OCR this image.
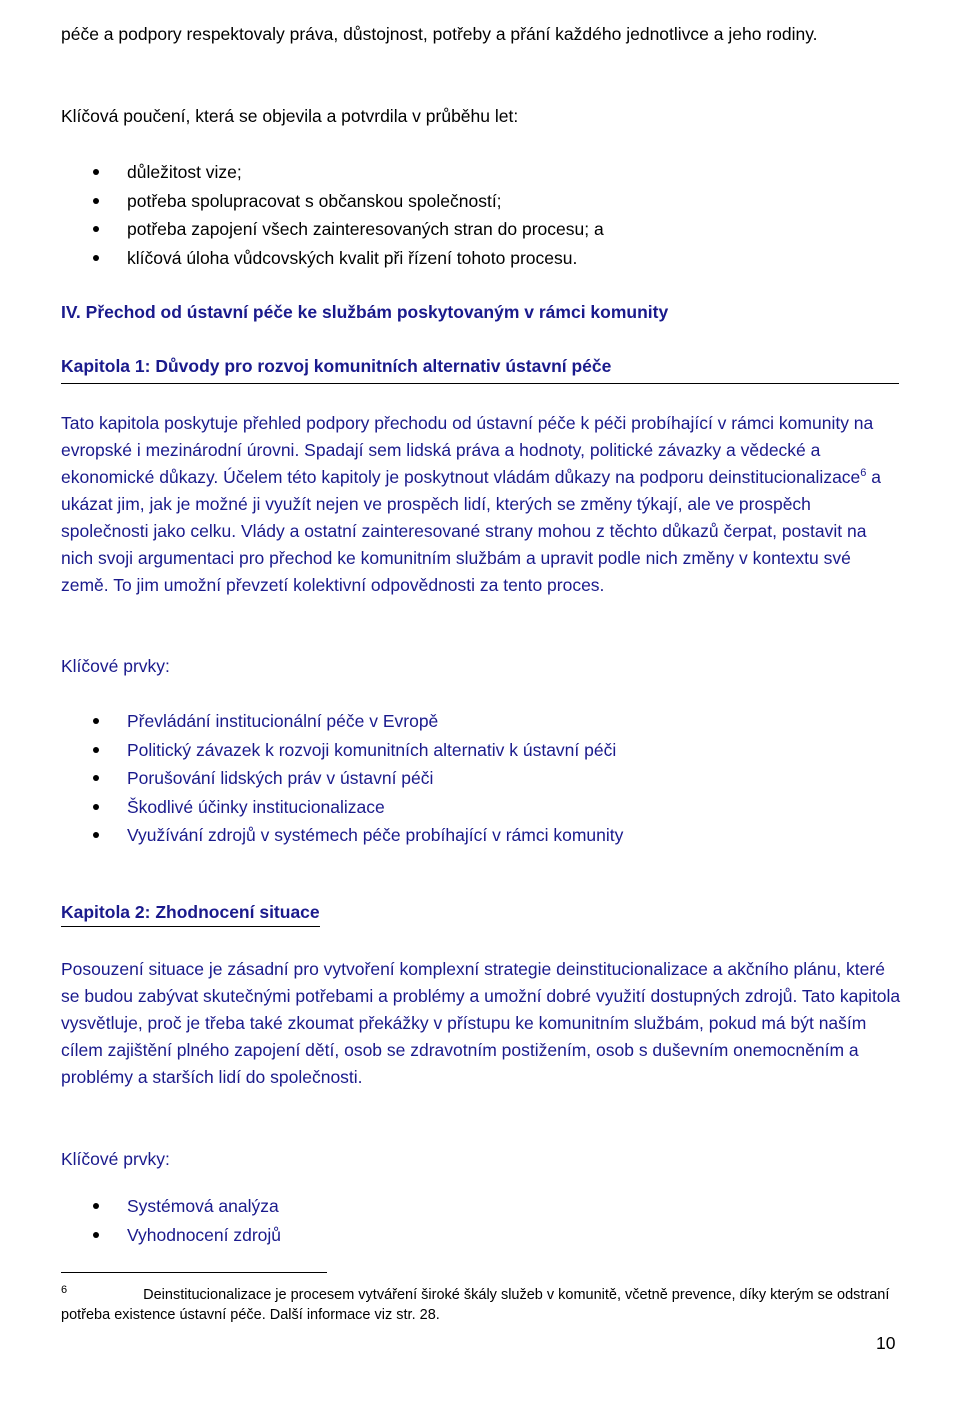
péče a podpory respektovaly práva, důstojnost, potřeby a přání každého jednotlivce a jeho rodiny.

Klíčová poučení, která se objevila a potvrdila v průběhu let:

důležitost vize;
potřeba spolupracovat s občanskou společností;
potřeba zapojení všech zainteresovaných stran do procesu; a
klíčová úloha vůdcovských kvalit při řízení tohoto procesu.
IV. Přechod od ústavní péče ke službám poskytovaným v rámci komunity
Kapitola 1: Důvody pro rozvoj komunitních alternativ ústavní péče

Tato kapitola poskytuje přehled podpory přechodu od ústavní péče k péči probíhající v rámci komunity na evropské i mezinárodní úrovni. Spadají sem lidská práva a hodnoty, politické závazky a vědecké a ekonomické důkazy. Účelem této kapitoly je poskytnout vládám důkazy na podporu deinstitucionalizace$^6$ a ukázat jim, jak je možné ji využít nejen ve prospěch lidí, kterých se změny týkají, ale ve prospěch společnosti jako celku. Vlády a ostatní zainteresované strany mohou z těchto důkazů čerpat, postavit na nich svoji argumentaci pro přechod ke komunitním službám a upravit podle nich změny v kontextu své země. To jim umožní převzetí kolektivní odpovědnosti za tento proces.

Klíčové prvky:

Převládání institucionální péče v Evropě
Politický závazek k rozvoji komunitních alternativ k ústavní péči
Porušování lidských práv v ústavní péči
Škodlivé účinky institucionalizace
Využívání zdrojů v systémech péče probíhající v rámci komunity
Kapitola 2: Zhodnocení situace

Posouzení situace je zásadní pro vytvoření komplexní strategie deinstitucionalizace a akčního plánu, které se budou zabývat skutečnými potřebami a problémy a umožní dobré využití dostupných zdrojů. Tato kapitola vysvětluje, proč je třeba také zkoumat překážky v přístupu ke komunitním službám, pokud má být naším cílem zajištění plného zapojení dětí, osob se zdravotním postižením, osob s duševním onemocněním a problémy a starších lidí do společnosti.

Klíčové prvky:

Systémová analýza
Vyhodnocení zdrojů

$^6$	Deinstitucionalizace je procesem vytváření široké škály služeb v komunitě, včetně prevence, díky kterým se odstraní potřeba existence ústavní péče. Další informace viz str. 28.

10
